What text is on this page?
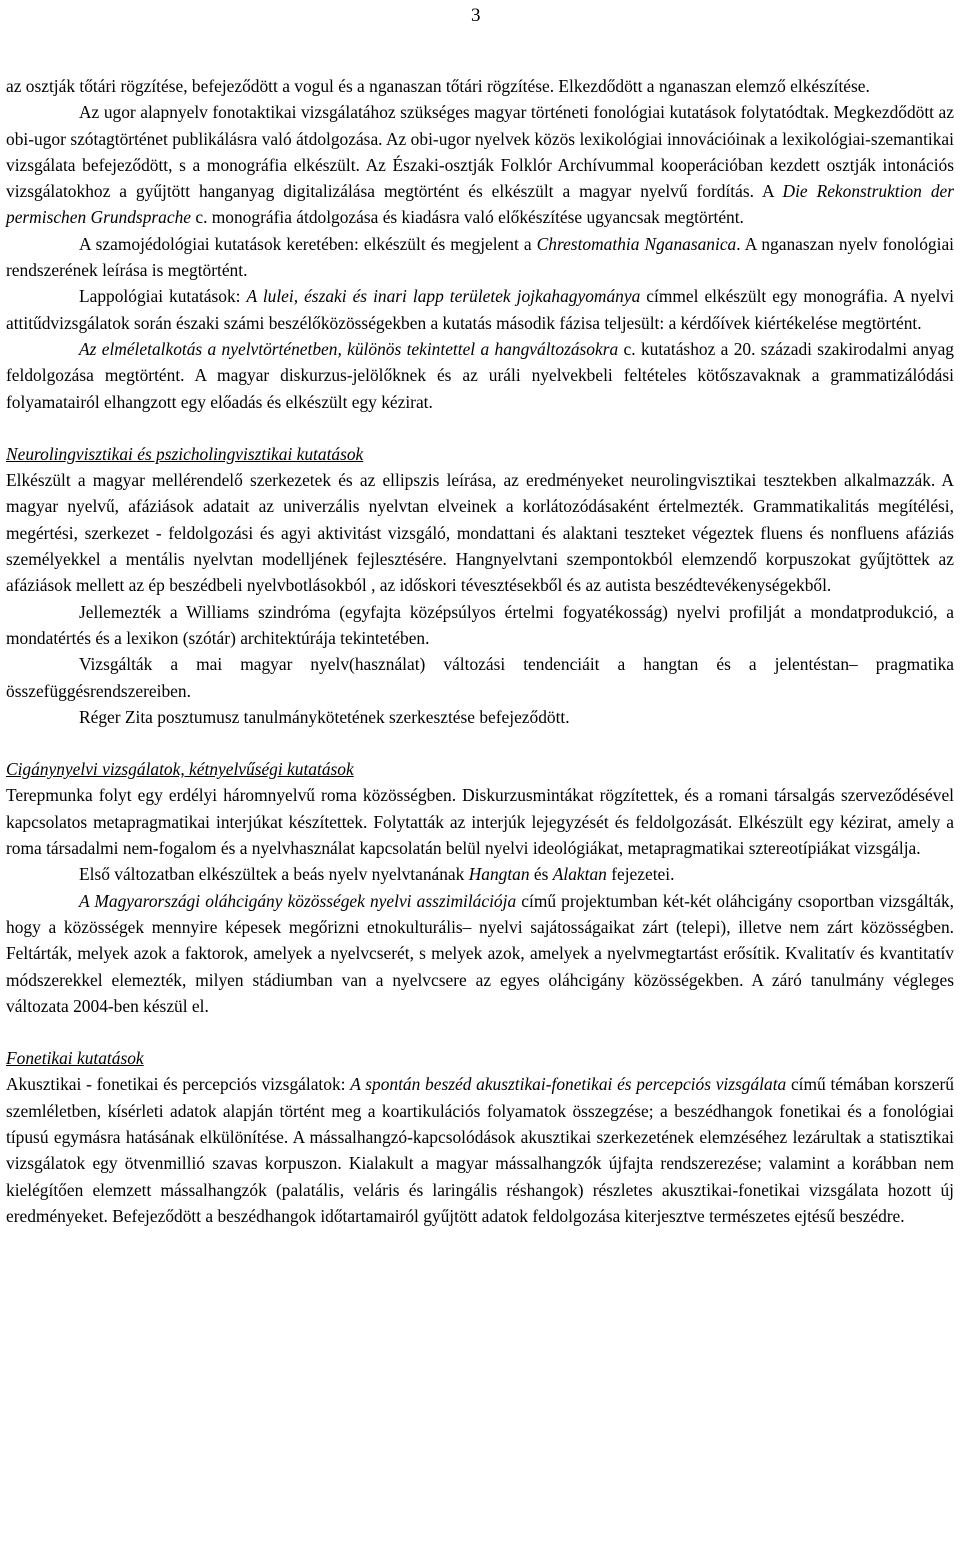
3

az osztják tőtári rögzítése, befejeződött a vogul és a nganaszan tőtári rögzítése. Elkezdődött a nganaszan elemző elkészítése.

Az ugor alapnyelv fonotaktikai vizsgálatához szükséges magyar történeti fonológiai kutatások folytatódtak. Megkezdődött az obi-ugor szótagtörténet publikálásra való átdolgozása. Az obi-ugor nyelvek közös lexikológiai innovációinak a lexikológiai-szemantikai vizsgálata befejeződött, s a monográfia elkészült. Az Északi-osztják Folklór Archívummal kooperációban kezdett osztják intonációs vizsgálatokhoz a gyűjtött hanganyag digitalizálása megtörtént és elkészült a magyar nyelvű fordítás. A Die Rekonstruktion der permischen Grundsprache c. monográfia átdolgozása és kiadásra való előkészítése ugyancsak megtörtént.

A szamojédológiai kutatások keretében: elkészült és megjelent a Chrestomathia Nganasanica. A nganaszan nyelv fonológiai rendszerének leírása is megtörtént.

Lappológiai kutatások: A lulei, északi és inari lapp területek jojkahagyománya címmel elkészült egy monográfia. A nyelvi attitűdvizsgálatok során északi számi beszélőközösségekben a kutatás második fázisa teljesült: a kérdőívek kiértékelése megtörtént.

Az elméletalkotás a nyelvtörténetben, különös tekintettel a hangváltozásokra c. kutatáshoz a 20. századi szakirodalmi anyag feldolgozása megtörtént. A magyar diskurzus-jelölőknek és az uráli nyelvekbeli feltételes kötőszavaknak a grammatizálódási folyamatairól elhangzott egy előadás és elkészült egy kézirat.

Neurolingvisztikai és pszicholingvisztikai kutatások

Elkészült a magyar mellérendelő szerkezetek és az ellipszis leírása, az eredményeket neurolingvisztikai tesztekben alkalmazzák. A magyar nyelvű, afáziások adatait az univerzális nyelvtan elveinek a korlátozódásaként értelmezték. Grammatikalitás megítélési, megértési, szerkezet - feldolgozási és agyi aktivitást vizsgáló, mondattani és alaktani teszteket végeztek fluens és nonfluens afáziás személyekkel a mentális nyelvtan modelljének fejlesztésére. Hangnyelvtani szempontokból elemzendő korpuszokat gyűjtöttek az afáziások mellett az ép beszédbeli nyelvbotlásokból , az időskori tévesztésekből és az autista beszédtevékenységekből.

Jellemezték a Williams szindróma (egyfajta középsúlyos értelmi fogyatékosság) nyelvi profilját a mondatprodukció, a mondatértés és a lexikon (szótár) architektúrája tekintetében.

Vizsgálták a mai magyar nyelv(használat) változási tendenciáit a hangtan és a jelentéstan– pragmatika összefüggésrendszereiben.

Réger Zita posztumusz tanulmánykötetének szerkesztése befejeződött.

Cigánynyelvi vizsgálatok, kétnyelvűségi kutatások

Terepmunka folyt egy erdélyi háromnyelvű roma közösségben. Diskurzusmintákat rögzítettek, és a romani társalgás szerveződésével kapcsolatos metapragmatikai interjúkat készítettek. Folytatták az interjúk lejegyzését és feldolgozását. Elkészült egy kézirat, amely a roma társadalmi nem-fogalom és a nyelvhasználat kapcsolatán belül nyelvi ideológiákat, metapragmatikai sztereotípiákat vizsgálja.

Első változatban elkészültek a beás nyelv nyelvtanának Hangtan és Alaktan fejezetei.

A Magyarországi oláhcigány közösségek nyelvi asszimilációja című projektumban két-két oláhcigány csoportban vizsgálták, hogy a közösségek mennyire képesek megőrizni etnokulturális– nyelvi sajátosságaikat zárt (telepi), illetve nem zárt közösségben. Feltárták, melyek azok a faktorok, amelyek a nyelvcserét, s melyek azok, amelyek a nyelvmegtartást erősítik. Kvalitatív és kvantitatív módszerekkel elemezték, milyen stádiumban van a nyelvcsere az egyes oláhcigány közösségekben. A záró tanulmány végleges változata 2004-ben készül el.

Fonetikai kutatások

Akusztikai - fonetikai és percepciós vizsgálatok: A spontán beszéd akusztikai-fonetikai és percepciós vizsgálata című témában korszerű szemléletben, kísérleti adatok alapján történt meg a koartikulációs folyamatok összegzése; a beszédhangok fonetikai és a fonológiai típusú egymásra hatásának elkülönítése. A mássalhangzó-kapcsolódások akusztikai szerkezetének elemzéséhez lezárultak a statisztikai vizsgálatok egy ötvenmillió szavas korpuszon. Kialakult a magyar mássalhangzók újfajta rendszerezése; valamint a korábban nem kielégítően elemzett mássalhangzók (palatális, veláris és laringális réshangok) részletes akusztikai-fonetikai vizsgálata hozott új eredményeket. Befejeződött a beszédhangok időtartamairól gyűjtött adatok feldolgozása kiterjesztve természetes ejtésű beszédre.
